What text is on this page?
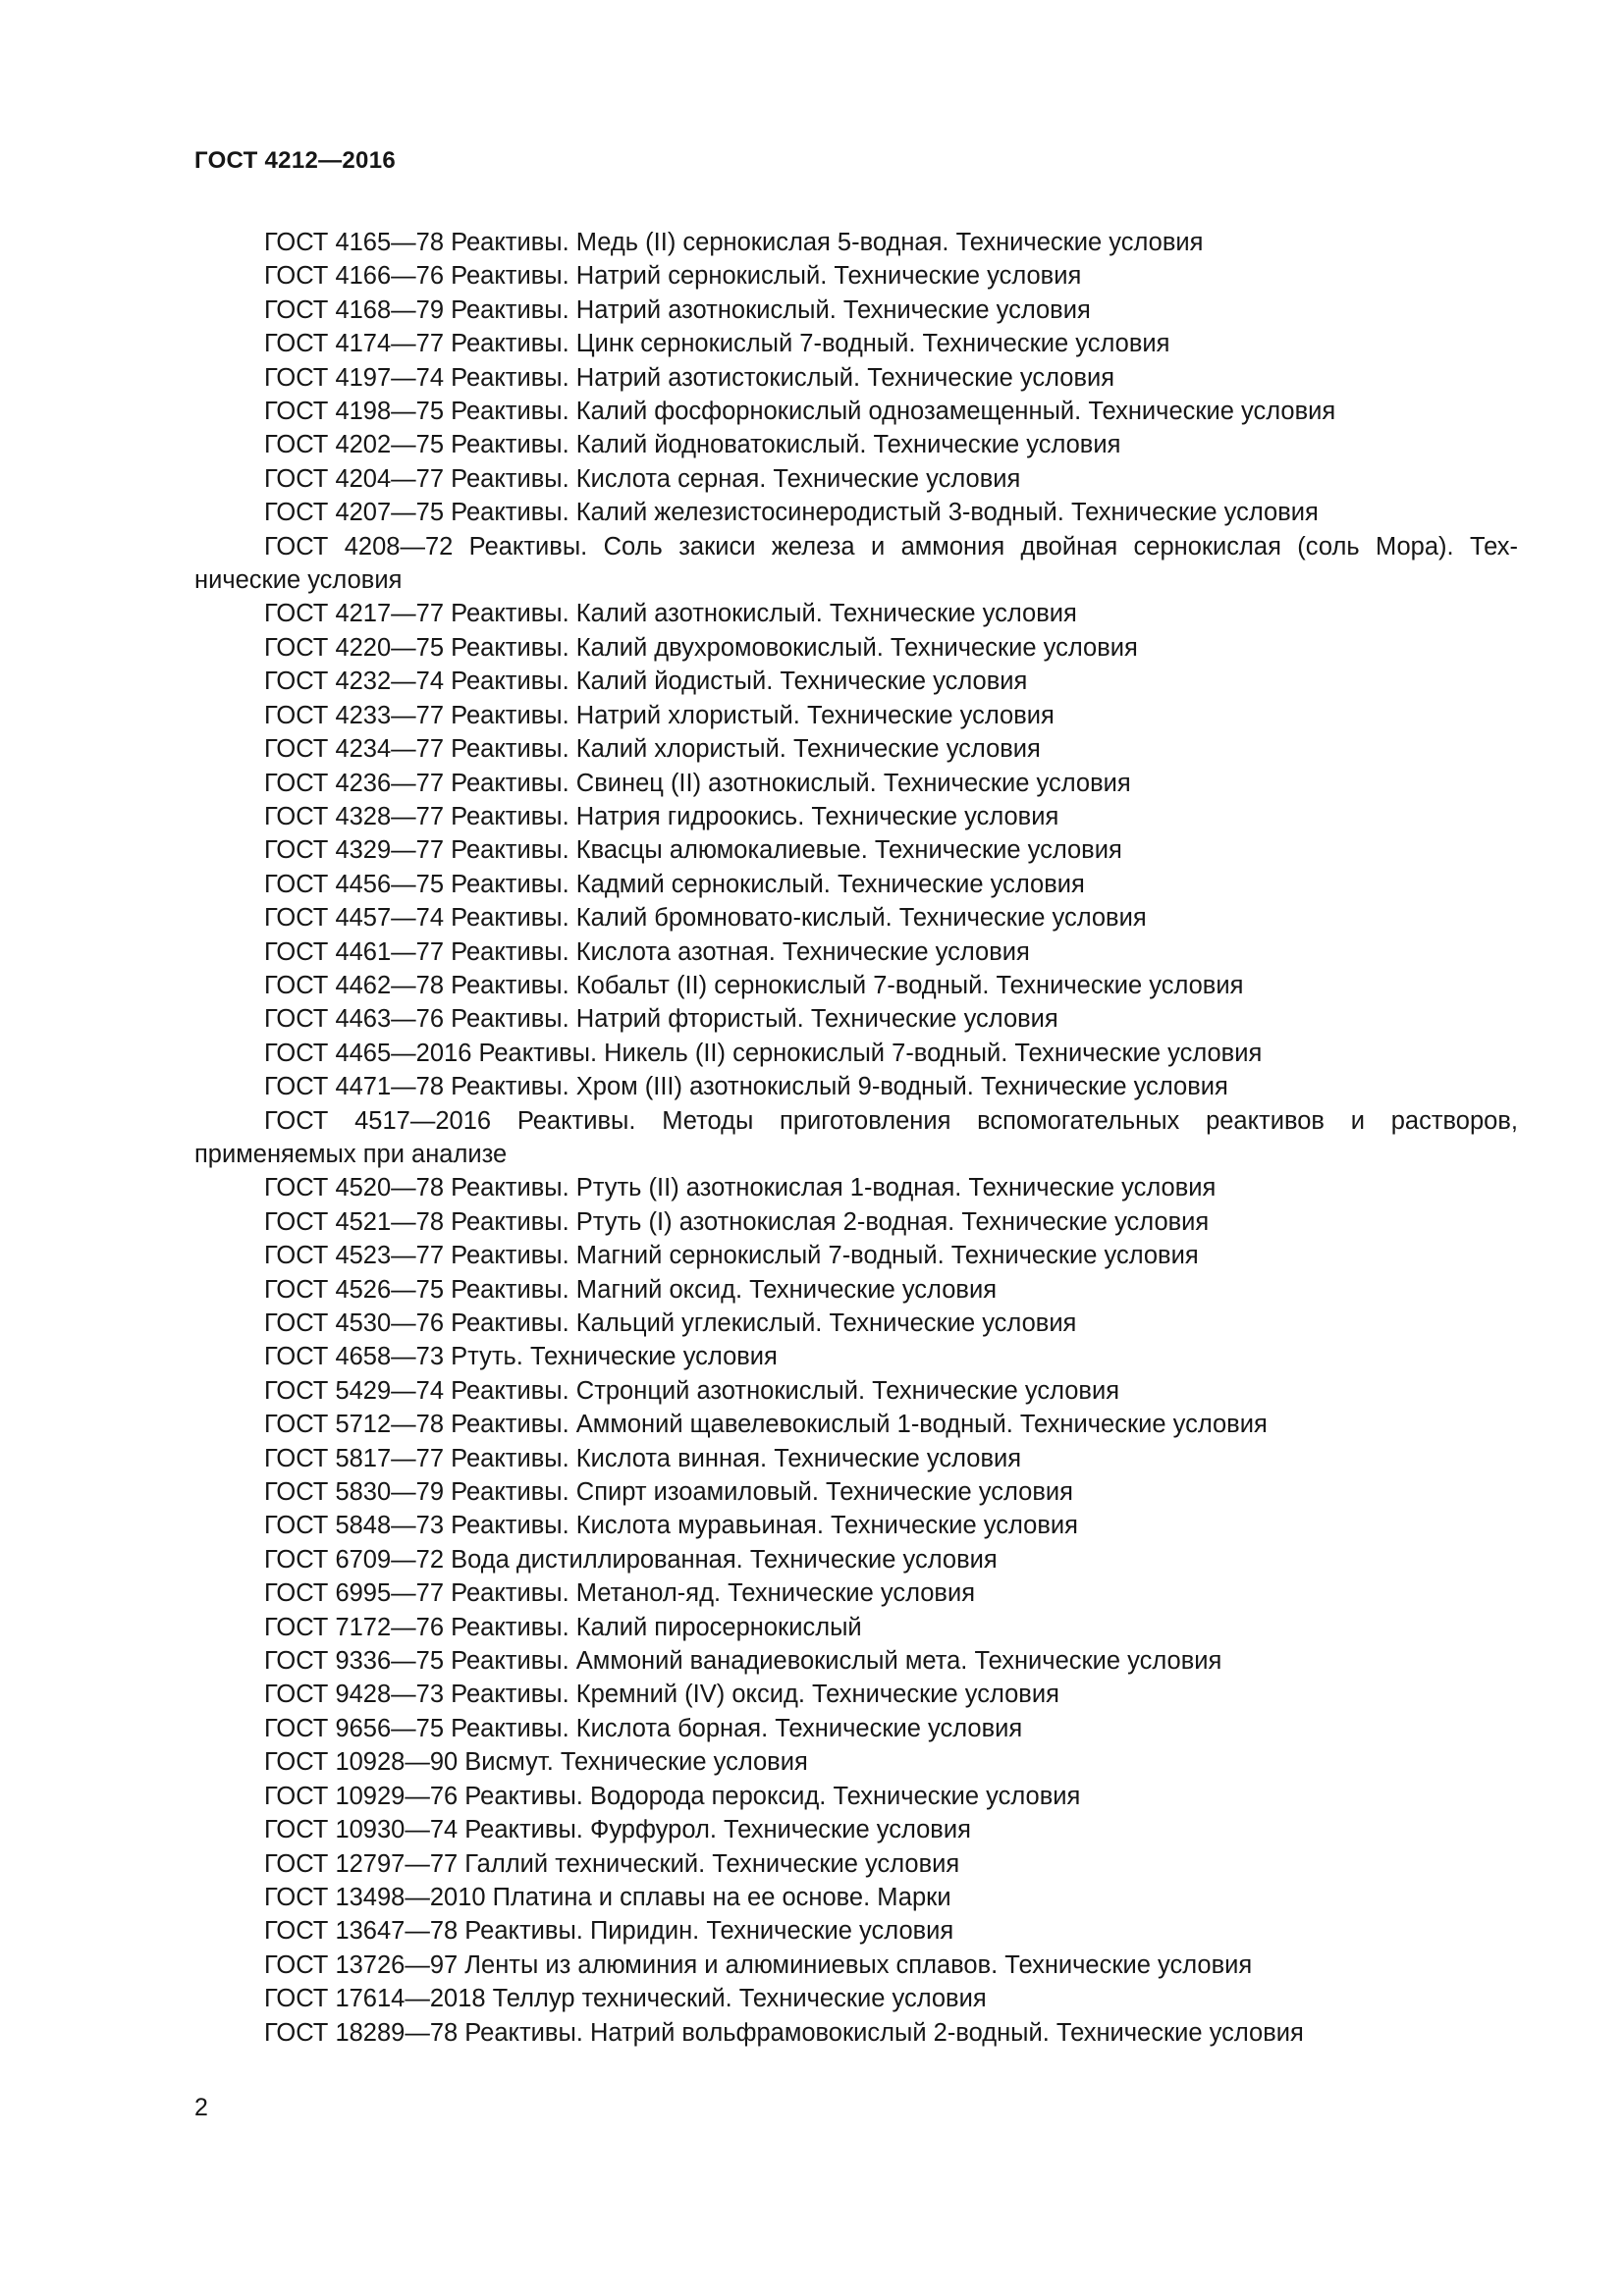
ГОСТ 4212—2016
ГОСТ 4165—78 Реактивы. Медь (II) сернокислая 5-водная. Технические условия
ГОСТ 4166—76 Реактивы. Натрий сернокислый. Технические условия
ГОСТ 4168—79 Реактивы. Натрий азотнокислый. Технические условия
ГОСТ 4174—77 Реактивы. Цинк сернокислый 7-водный. Технические условия
ГОСТ 4197—74 Реактивы. Натрий азотистокислый. Технические условия
ГОСТ 4198—75 Реактивы. Калий фосфорнокислый однозамещенный. Технические условия
ГОСТ 4202—75 Реактивы. Калий йодноватокислый. Технические условия
ГОСТ 4204—77 Реактивы. Кислота серная. Технические условия
ГОСТ 4207—75 Реактивы. Калий железистосинеродистый 3-водный. Технические условия
ГОСТ 4208—72 Реактивы. Соль закиси железа и аммония двойная сернокислая (соль Мора). Тех-
нические условия
ГОСТ 4217—77 Реактивы. Калий азотнокислый. Технические условия
ГОСТ 4220—75 Реактивы. Калий двухромовокислый. Технические условия
ГОСТ 4232—74 Реактивы. Калий йодистый. Технические условия
ГОСТ 4233—77 Реактивы. Натрий хлористый. Технические условия
ГОСТ 4234—77 Реактивы. Калий хлористый. Технические условия
ГОСТ 4236—77 Реактивы. Свинец (II) азотнокислый. Технические условия
ГОСТ 4328—77 Реактивы. Натрия гидроокись. Технические условия
ГОСТ 4329—77 Реактивы. Квасцы алюмокалиевые. Технические условия
ГОСТ 4456—75 Реактивы. Кадмий сернокислый. Технические условия
ГОСТ 4457—74 Реактивы. Калий бромновато-кислый. Технические условия
ГОСТ 4461—77 Реактивы. Кислота азотная. Технические условия
ГОСТ 4462—78 Реактивы. Кобальт (II) сернокислый 7-водный. Технические условия
ГОСТ 4463—76 Реактивы. Натрий фтористый. Технические условия
ГОСТ 4465—2016 Реактивы. Никель (II) сернокислый 7-водный. Технические условия
ГОСТ 4471—78 Реактивы. Хром (III) азотнокислый 9-водный. Технические условия
ГОСТ 4517—2016 Реактивы. Методы приготовления вспомогательных реактивов и растворов,
применяемых при анализе
ГОСТ 4520—78 Реактивы. Ртуть (II) азотнокислая 1-водная. Технические условия
ГОСТ 4521—78 Реактивы. Ртуть (I) азотнокислая 2-водная. Технические условия
ГОСТ 4523—77 Реактивы. Магний сернокислый 7-водный. Технические условия
ГОСТ 4526—75 Реактивы. Магний оксид. Технические условия
ГОСТ 4530—76 Реактивы. Кальций углекислый. Технические условия
ГОСТ 4658—73 Ртуть. Технические условия
ГОСТ 5429—74 Реактивы. Стронций азотнокислый. Технические условия
ГОСТ 5712—78 Реактивы. Аммоний щавелевокислый 1-водный. Технические условия
ГОСТ 5817—77 Реактивы. Кислота винная. Технические условия
ГОСТ 5830—79 Реактивы. Спирт изоамиловый. Технические условия
ГОСТ 5848—73 Реактивы. Кислота муравьиная. Технические условия
ГОСТ 6709—72 Вода дистиллированная. Технические условия
ГОСТ 6995—77 Реактивы. Метанол-яд. Технические условия
ГОСТ 7172—76 Реактивы. Калий пиросернокислый
ГОСТ 9336—75 Реактивы. Аммоний ванадиевокислый мета. Технические условия
ГОСТ 9428—73 Реактивы. Кремний (IV) оксид. Технические условия
ГОСТ 9656—75 Реактивы. Кислота борная. Технические условия
ГОСТ 10928—90 Висмут. Технические условия
ГОСТ 10929—76 Реактивы. Водорода пероксид. Технические условия
ГОСТ 10930—74 Реактивы. Фурфурол. Технические условия
ГОСТ 12797—77 Галлий технический. Технические условия
ГОСТ 13498—2010 Платина и сплавы на ее основе. Марки
ГОСТ 13647—78 Реактивы. Пиридин. Технические условия
ГОСТ 13726—97 Ленты из алюминия и алюминиевых сплавов. Технические условия
ГОСТ 17614—2018 Теллур технический. Технические условия
ГОСТ 18289—78 Реактивы. Натрий вольфрамовокислый 2-водный. Технические условия
2
